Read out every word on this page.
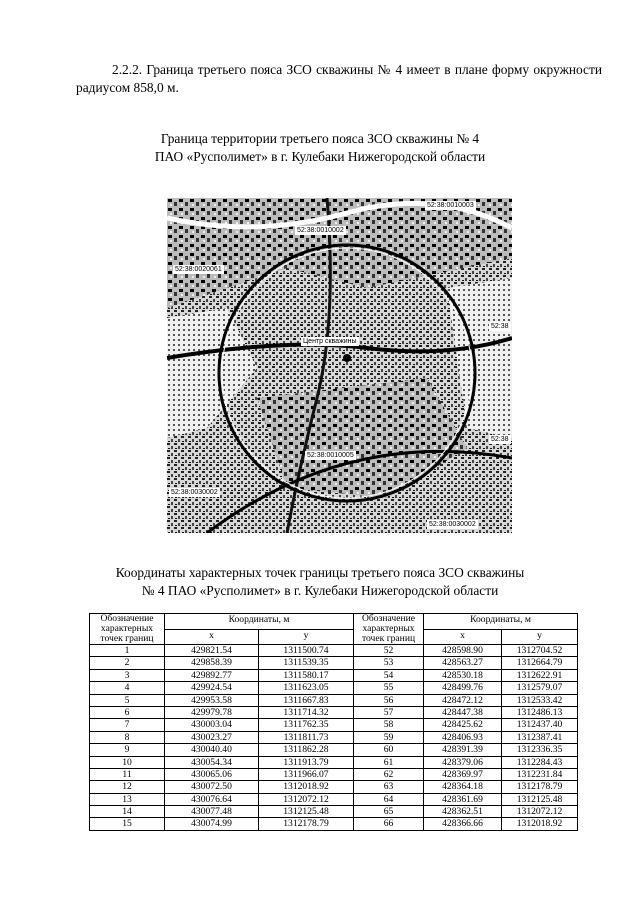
2.2.2. Граница третьего пояса ЗСО скважины № 4 имеет в плане форму окружности радиусом 858,0 м.
Граница территории третьего пояса ЗСО скважины № 4
ПАО «Русполимет» в г. Кулебаки Нижегородской области
52:38:0010003
52:38:0010002
52:38:0020061
Центр скважины
52:38
52:38
52:38:0010005
52:38:0030002
52:38:0030002
Координаты характерных точек границы третьего пояса ЗСО скважины
№ 4 ПАО «Русполимет» в г. Кулебаки Нижегородской области
Обозначение характерных точек границ	Координаты, м		Обозначение характерных точек границ	Координаты, м	
	x	y		x	y
1	429821.54	1311500.74	52	428598.90	1312704.52
2	429858.39	1311539.35	53	428563.27	1312664.79
3	429892.77	1311580.17	54	428530.18	1312622.91
4	429924.54	1311623.05	55	428499.76	1312579.07
5	429953.58	1311667.83	56	428472.12	1312533.42
6	429979.78	1311714.32	57	428447.38	1312486.13
7	430003.04	1311762.35	58	428425.62	1312437.40
8	430023.27	1311811.73	59	428406.93	1312387.41
9	430040.40	1311862.28	60	428391.39	1312336.35
10	430054.34	1311913.79	61	428379.06	1312284.43
11	430065.06	1311966.07	62	428369.97	1312231.84
12	430072.50	1312018.92	63	428364.18	1312178.79
13	430076.64	1312072.12	64	428361.69	1312125.48
14	430077.48	1312125.48	65	428362.51	1312072.12
15	430074.99	1312178.79	66	428366.66	1312018.92
